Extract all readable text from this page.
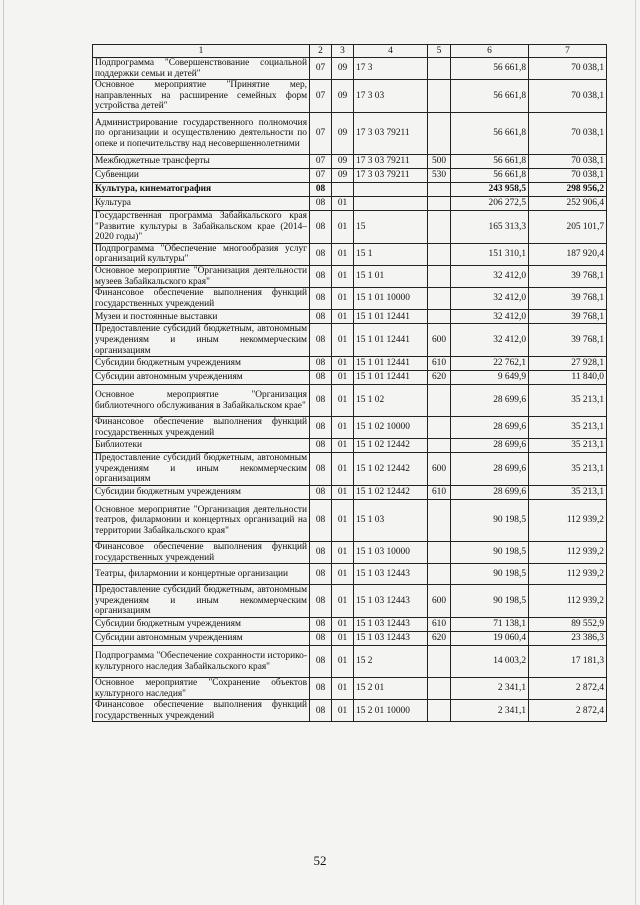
1	2	3	4	5	6	7
Подпрограмма "Совершенствование социальной поддержки семьи и детей"	07	09	17 3		56 661,8	70 038,1
Основное мероприятие "Принятие мер, направленных на расширение семейных форм устройства детей"	07	09	17 3 03		56 661,8	70 038,1
Администрирование государственного полномочия по организации и осуществлению деятельности по опеке и попечительству над несовершеннолетними	07	09	17 3 03 79211		56 661,8	70 038,1
Межбюджетные трансферты	07	09	17 3 03 79211	500	56 661,8	70 038,1
Субвенции	07	09	17 3 03 79211	530	56 661,8	70 038,1
Культура, кинематография	08				243 958,5	298 956,2
Культура	08	01			206 272,5	252 906,4
Государственная программа Забайкальского края "Развитие культуры в Забайкальском крае (2014–2020 годы)"	08	01	15		165 313,3	205 101,7
Подпрограмма "Обеспечение многообразия услуг организаций культуры"	08	01	15 1		151 310,1	187 920,4
Основное мероприятие "Организация деятельности музеев Забайкальского края"	08	01	15 1 01		32 412,0	39 768,1
Финансовое обеспечение выполнения функций государственных учреждений	08	01	15 1 01 10000		32 412,0	39 768,1
Музеи и постоянные выставки	08	01	15 1 01 12441		32 412,0	39 768,1
Предоставление субсидий бюджетным, автономным учреждениям и иным некоммерческим организациям	08	01	15 1 01 12441	600	32 412,0	39 768,1
Субсидии бюджетным учреждениям	08	01	15 1 01 12441	610	22 762,1	27 928,1
Субсидии автономным учреждениям	08	01	15 1 01 12441	620	9 649,9	11 840,0
Основное мероприятие "Организация библиотечного обслуживания в Забайкальском крае"	08	01	15 1 02		28 699,6	35 213,1
Финансовое обеспечение выполнения функций государственных учреждений	08	01	15 1 02 10000		28 699,6	35 213,1
Библиотеки	08	01	15 1 02 12442		28 699,6	35 213,1
Предоставление субсидий бюджетным, автономным учреждениям и иным некоммерческим организациям	08	01	15 1 02 12442	600	28 699,6	35 213,1
Субсидии бюджетным учреждениям	08	01	15 1 02 12442	610	28 699,6	35 213,1
Основное мероприятие "Организация деятельности театров, филармонии и концертных организаций на территории Забайкальского края"	08	01	15 1 03		90 198,5	112 939,2
Финансовое обеспечение выполнения функций государственных учреждений	08	01	15 1 03 10000		90 198,5	112 939,2
Театры, филармонии и концертные организации	08	01	15 1 03 12443		90 198,5	112 939,2
Предоставление субсидий бюджетным, автономным учреждениям и иным некоммерческим организациям	08	01	15 1 03 12443	600	90 198,5	112 939,2
Субсидии бюджетным учреждениям	08	01	15 1 03 12443	610	71 138,1	89 552,9
Субсидии автономным учреждениям	08	01	15 1 03 12443	620	19 060,4	23 386,3
Подпрограмма "Обеспечение сохранности историко-культурного наследия Забайкальского края"	08	01	15 2		14 003,2	17 181,3
Основное мероприятие "Сохранение объектов культурного наследия"	08	01	15 2 01		2 341,1	2 872,4
Финансовое обеспечение выполнения функций государственных учреждений	08	01	15 2 01 10000		2 341,1	2 872,4
52
